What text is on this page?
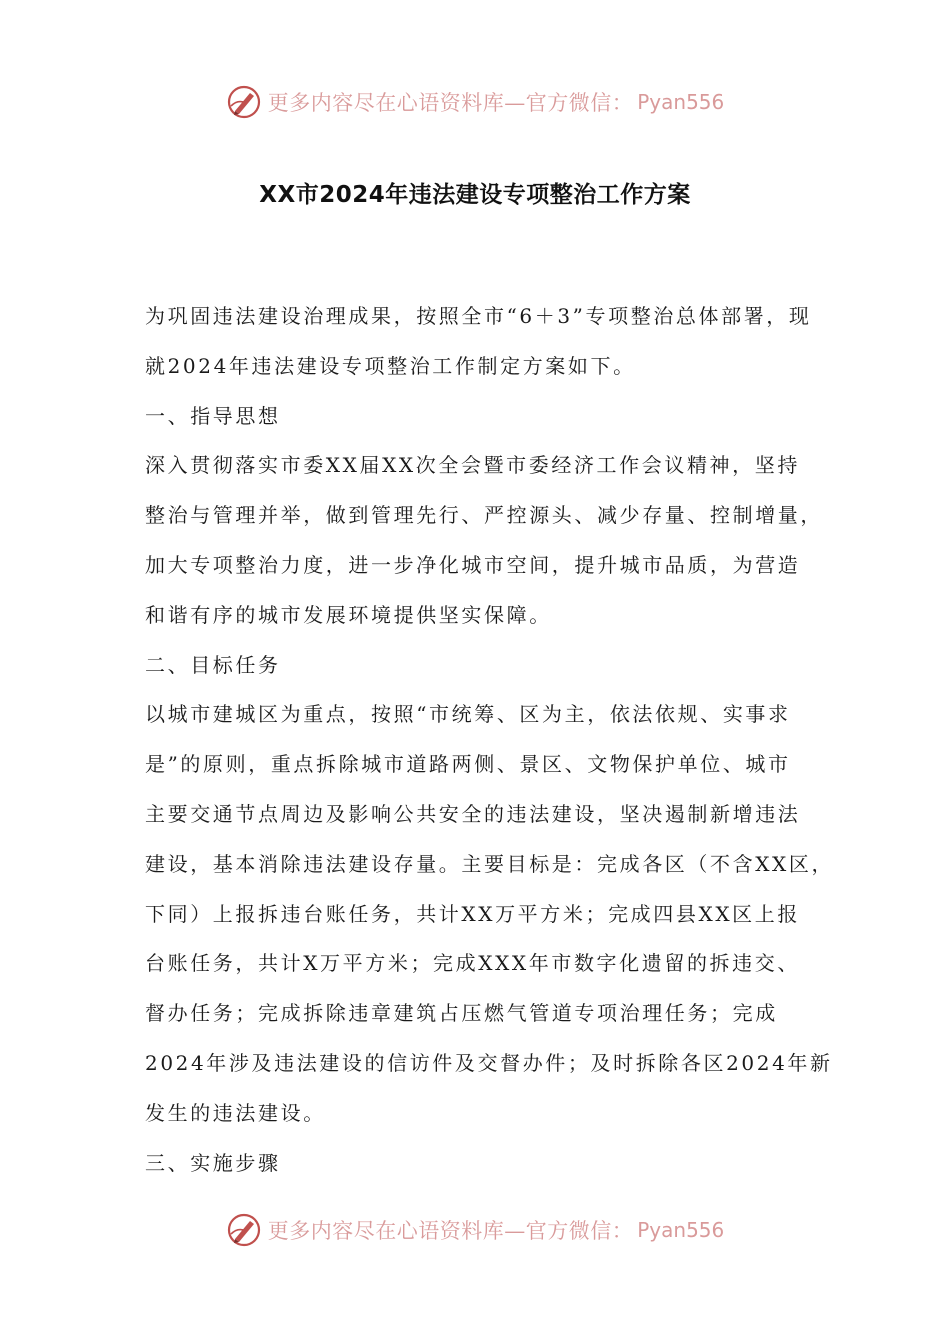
更多内容尽在心语资料库—官方微信： Pyan556
XX市2024年违法建设专项整治工作方案
为巩固违法建设治理成果，按照全市“6＋3”专项整治总体部署，现
就2024年违法建设专项整治工作制定方案如下。
一、指导思想
深入贯彻落实市委XX届XX次全会暨市委经济工作会议精神，坚持
整治与管理并举，做到管理先行、严控源头、减少存量、控制增量，
加大专项整治力度，进一步净化城市空间，提升城市品质，为营造
和谐有序的城市发展环境提供坚实保障。
二、目标任务
以城市建城区为重点，按照“市统筹、区为主，依法依规、实事求
是”的原则，重点拆除城市道路两侧、景区、文物保护单位、城市
主要交通节点周边及影响公共安全的违法建设，坚决遏制新增违法
建设，基本消除违法建设存量。主要目标是：完成各区（不含XX区，
下同）上报拆违台账任务，共计XX万平方米；完成四县XX区上报
台账任务，共计X万平方米；完成XXX年市数字化遗留的拆违交、
督办任务；完成拆除违章建筑占压燃气管道专项治理任务；完成
2024年涉及违法建设的信访件及交督办件；及时拆除各区2024年新
发生的违法建设。
三、实施步骤
更多内容尽在心语资料库—官方微信： Pyan556
